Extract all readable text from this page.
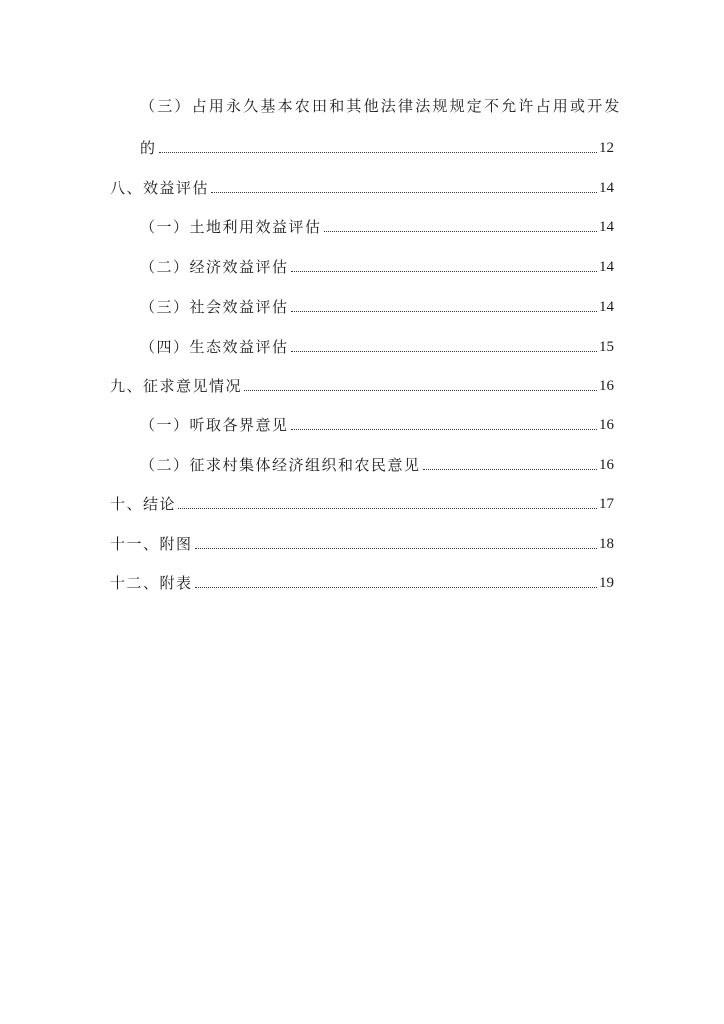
（三）占用永久基本农田和其他法律法规规定不允许占用或开发
的	12
八、效益评估	14
（一）土地利用效益评估	14
（二）经济效益评估	14
（三）社会效益评估	14
（四）生态效益评估	15
九、征求意见情况	16
（一）听取各界意见	16
（二）征求村集体经济组织和农民意见	16
十、结论	17
十一、附图	18
十二、附表	19
